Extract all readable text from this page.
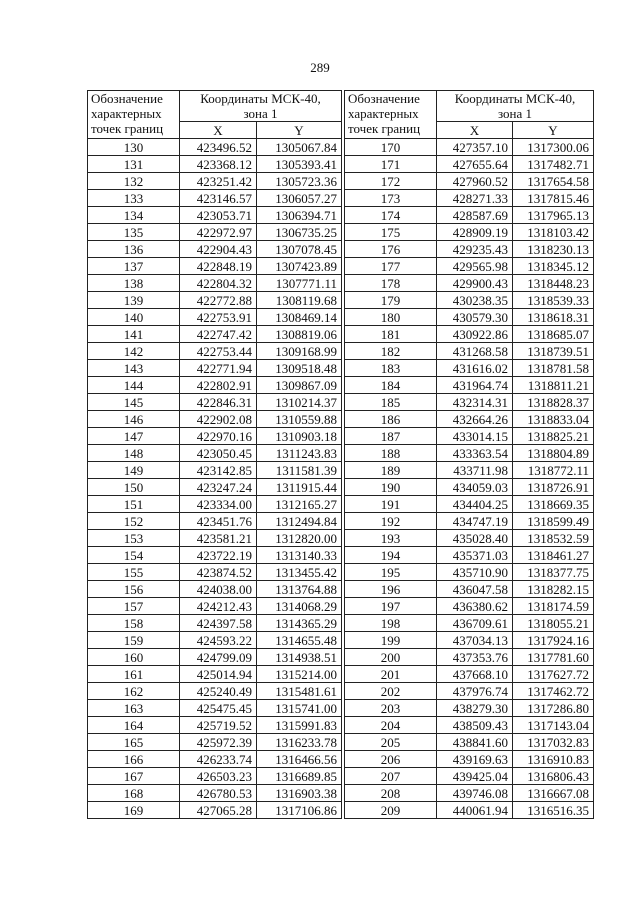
289
Обозначение
характерных
точек границ	Координаты МСК-40,
зона 1	
	X	Y
130	423496.52	1305067.84
131	423368.12	1305393.41
132	423251.42	1305723.36
133	423146.57	1306057.27
134	423053.71	1306394.71
135	422972.97	1306735.25
136	422904.43	1307078.45
137	422848.19	1307423.89
138	422804.32	1307771.11
139	422772.88	1308119.68
140	422753.91	1308469.14
141	422747.42	1308819.06
142	422753.44	1309168.99
143	422771.94	1309518.48
144	422802.91	1309867.09
145	422846.31	1310214.37
146	422902.08	1310559.88
147	422970.16	1310903.18
148	423050.45	1311243.83
149	423142.85	1311581.39
150	423247.24	1311915.44
151	423334.00	1312165.27
152	423451.76	1312494.84
153	423581.21	1312820.00
154	423722.19	1313140.33
155	423874.52	1313455.42
156	424038.00	1313764.88
157	424212.43	1314068.29
158	424397.58	1314365.29
159	424593.22	1314655.48
160	424799.09	1314938.51
161	425014.94	1315214.00
162	425240.49	1315481.61
163	425475.45	1315741.00
164	425719.52	1315991.83
165	425972.39	1316233.78
166	426233.74	1316466.56
167	426503.23	1316689.85
168	426780.53	1316903.38
169	427065.28	1317106.86
Обозначение
характерных
точек границ	Координаты МСК-40,
зона 1	
	X	Y
170	427357.10	1317300.06
171	427655.64	1317482.71
172	427960.52	1317654.58
173	428271.33	1317815.46
174	428587.69	1317965.13
175	428909.19	1318103.42
176	429235.43	1318230.13
177	429565.98	1318345.12
178	429900.43	1318448.23
179	430238.35	1318539.33
180	430579.30	1318618.31
181	430922.86	1318685.07
182	431268.58	1318739.51
183	431616.02	1318781.58
184	431964.74	1318811.21
185	432314.31	1318828.37
186	432664.26	1318833.04
187	433014.15	1318825.21
188	433363.54	1318804.89
189	433711.98	1318772.11
190	434059.03	1318726.91
191	434404.25	1318669.35
192	434747.19	1318599.49
193	435028.40	1318532.59
194	435371.03	1318461.27
195	435710.90	1318377.75
196	436047.58	1318282.15
197	436380.62	1318174.59
198	436709.61	1318055.21
199	437034.13	1317924.16
200	437353.76	1317781.60
201	437668.10	1317627.72
202	437976.74	1317462.72
203	438279.30	1317286.80
204	438509.43	1317143.04
205	438841.60	1317032.83
206	439169.63	1316910.83
207	439425.04	1316806.43
208	439746.08	1316667.08
209	440061.94	1316516.35
